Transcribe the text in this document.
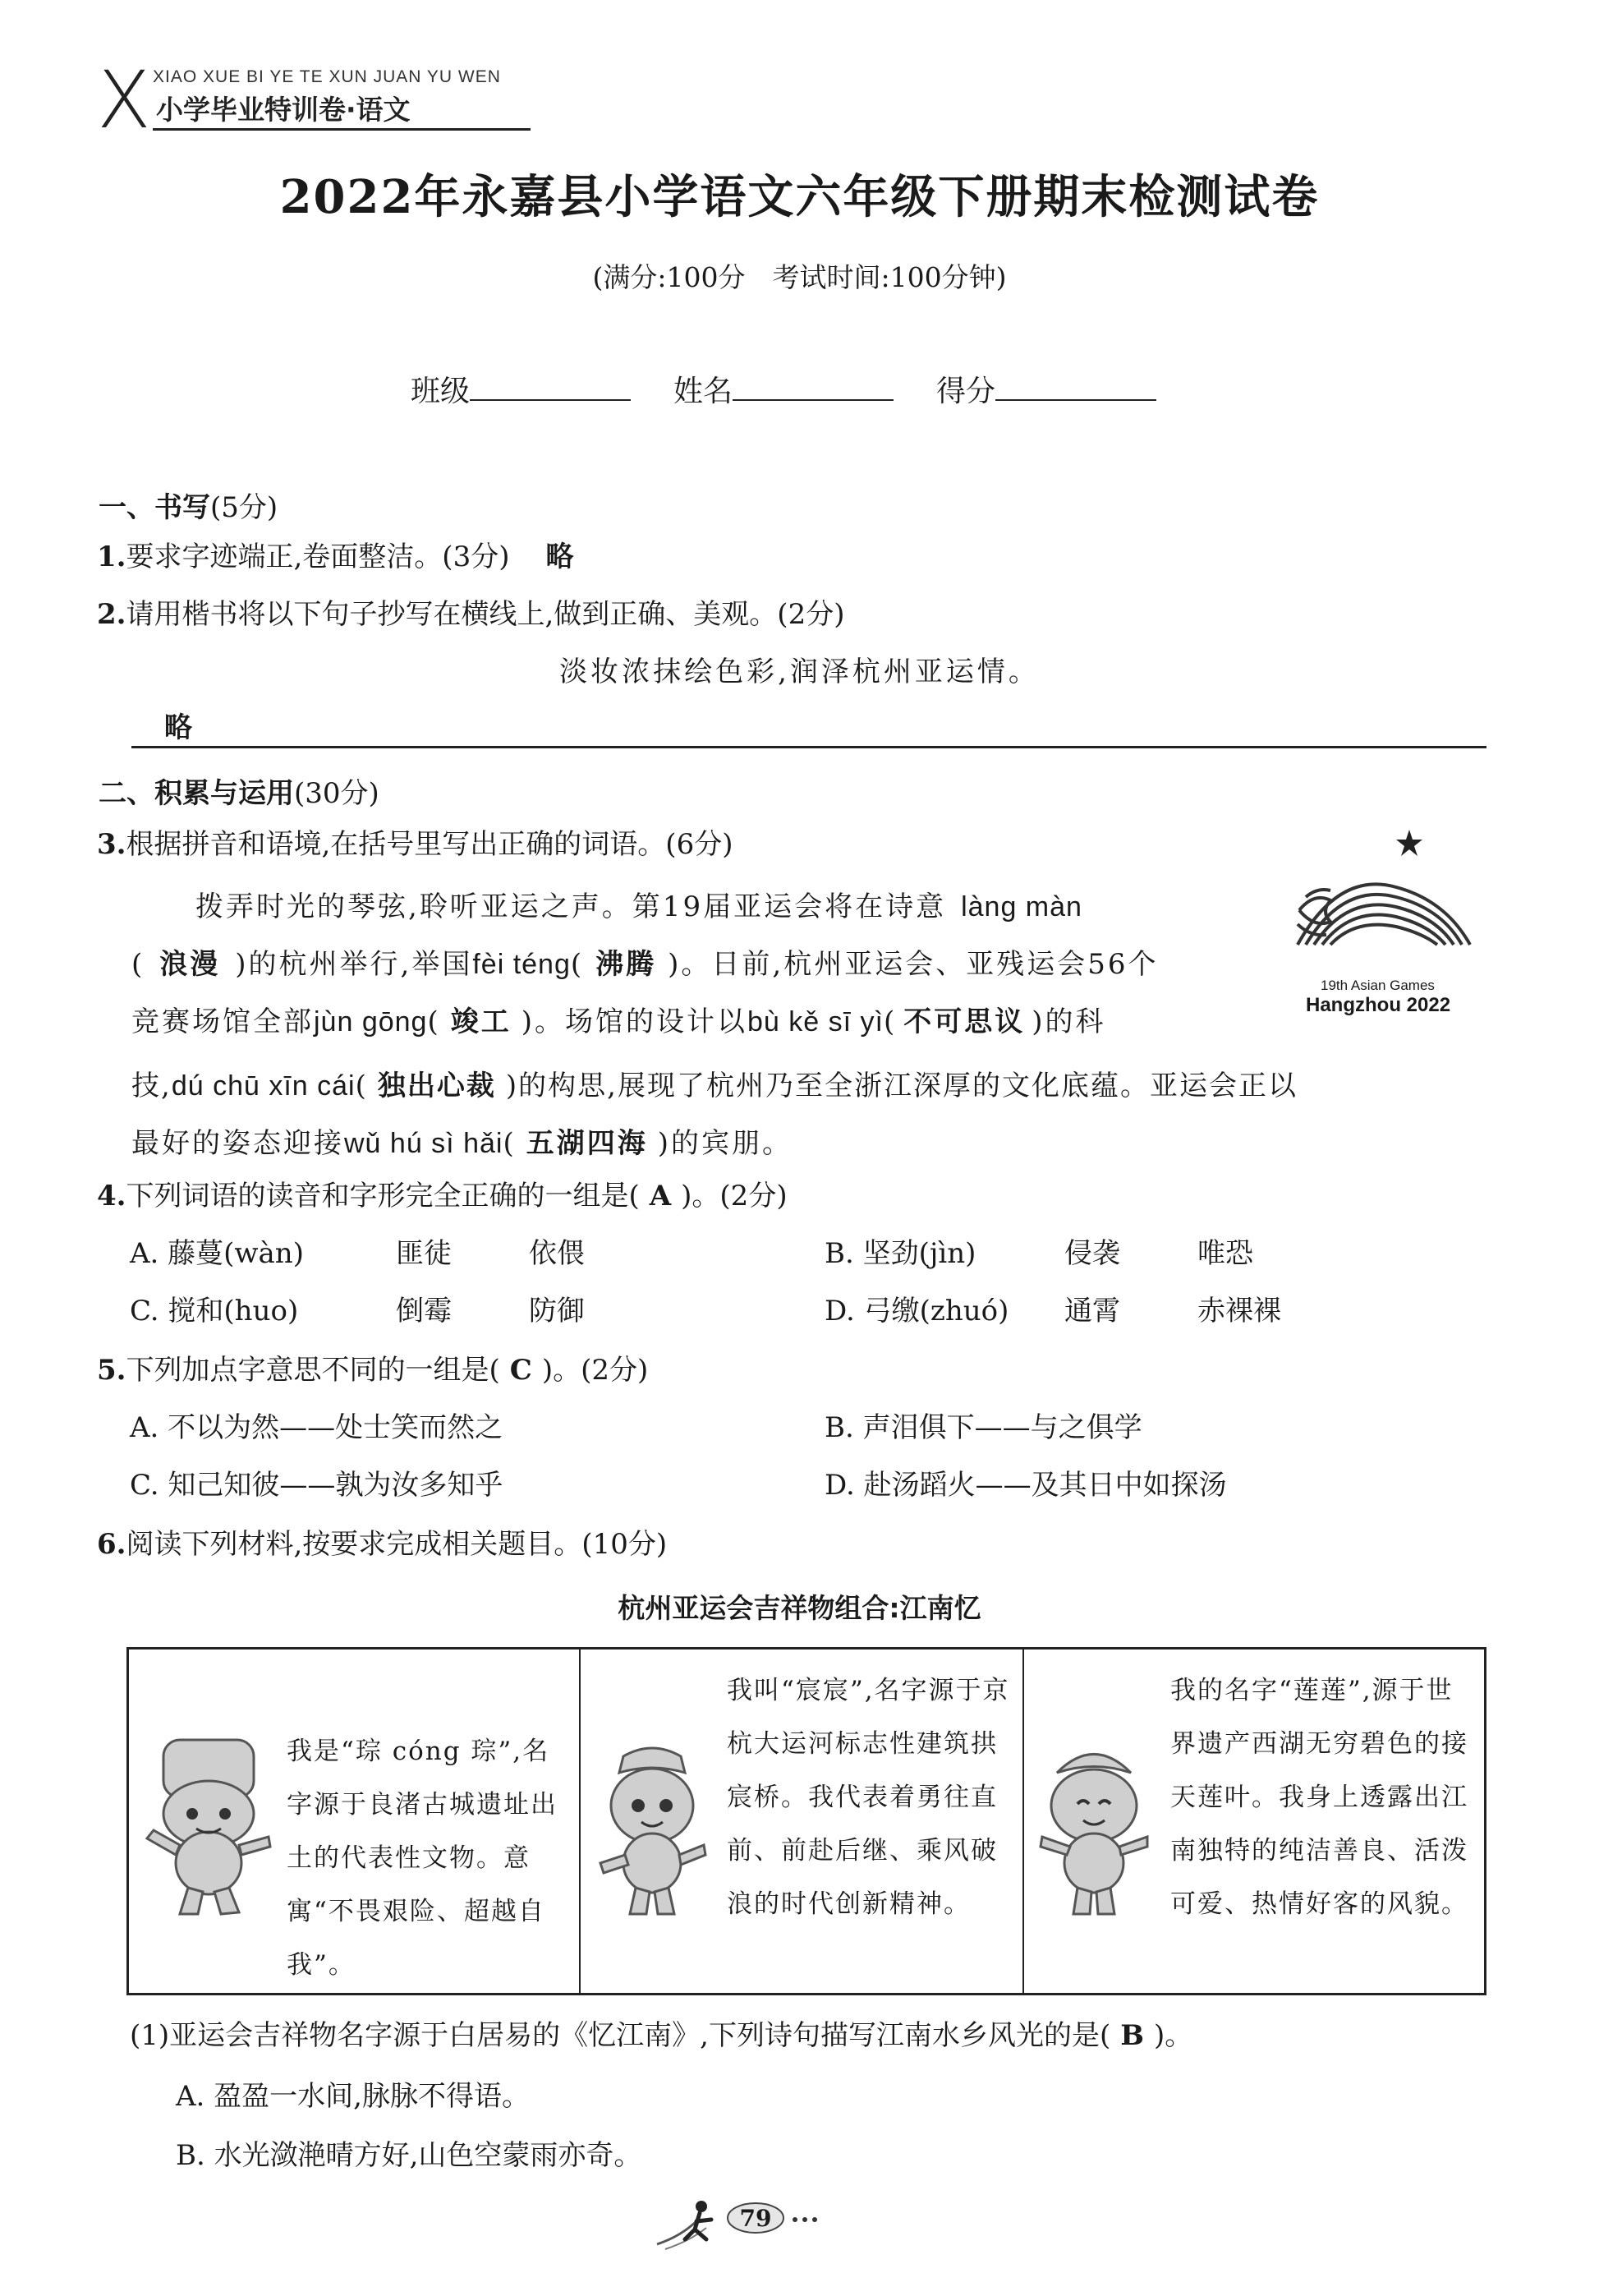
X XIAO XUE BI YE TE XUN JUAN YU WEN
小学毕业特训卷·语文
2022年永嘉县小学语文六年级下册期末检测试卷
(满分:100分　考试时间:100分钟)
班级	姓名	得分
一、书写(5分)
1.要求字迹端正,卷面整洁。(3分) 略
2.请用楷书将以下句子抄写在横线上,做到正确、美观。(2分)
淡妆浓抹绘色彩,润泽杭州亚运情。
略
二、积累与运用(30分)
3.根据拼音和语境,在括号里写出正确的词语。(6分)
拨弄时光的琴弦,聆听亚运之声。第19届亚运会将在诗意 làng màn
( 浪漫 )的杭州举行,举国fèi téng( 沸腾 )。日前,杭州亚运会、亚残运会56个
竞赛场馆全部jùn gōng( 竣工 )。场馆的设计以bù kě sī yì( 不可思议 )的科
技,dú chū xīn cái( 独出心裁 )的构思,展现了杭州乃至全浙江深厚的文化底蕴。亚运会正以
最好的姿态迎接wǔ hú sì hǎi( 五湖四海 )的宾朋。
19th Asian Games
Hangzhou 2022
4.下列词语的读音和字形完全正确的一组是( A )。(2分)
A. 藤蔓(wàn)	匪徒	依偎	B. 坚劲(jìn)	侵袭	唯恐
C. 搅和(huo)	倒霉	防御	D. 弓缴(zhuó) 通霄	赤裸裸
5.下列加点字意思不同的一组是( C )。(2分)
A. 不以为然——处士笑而然之	B. 声泪俱下——与之俱学
C. 知己知彼——孰为汝多知乎	D. 赴汤蹈火——及其日中如探汤
6.阅读下列材料,按要求完成相关题目。(10分)
杭州亚运会吉祥物组合:江南忆
我是“琮 cóng 琮”,名字源于良渚古城遗址出土的代表性文物。意寓“不畏艰险、超越自我”。
我叫“宸宸”,名字源于京杭大运河标志性建筑拱宸桥。我代表着勇往直前、前赴后继、乘风破浪的时代创新精神。
我的名字“莲莲”,源于世界遗产西湖无穷碧色的接天莲叶。我身上透露出江南独特的纯洁善良、活泼可爱、热情好客的风貌。
(1)亚运会吉祥物名字源于白居易的《忆江南》,下列诗句描写江南水乡风光的是( B )。
A. 盈盈一水间,脉脉不得语。
B. 水光潋滟晴方好,山色空蒙雨亦奇。
79
